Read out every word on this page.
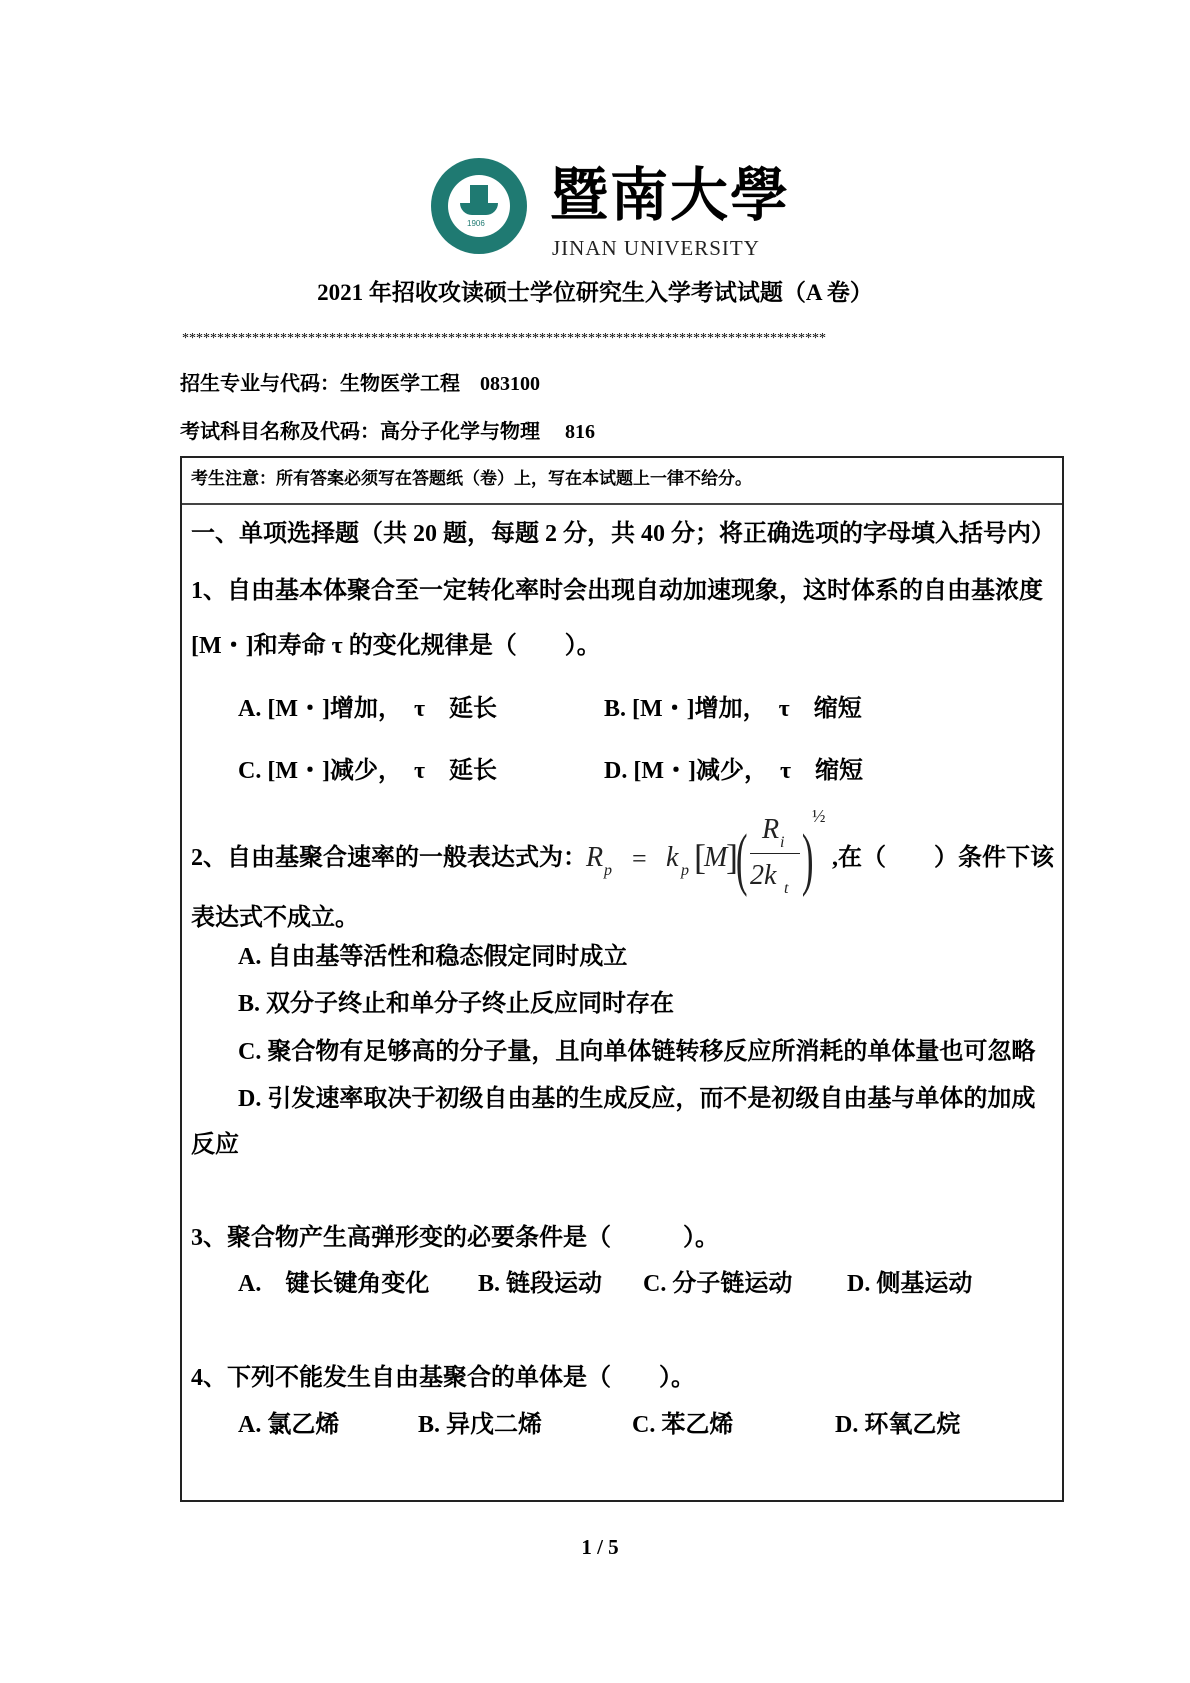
1906 暨南大學
JINAN UNIVERSITY
2021 年招收攻读硕士学位研究生入学考试试题（A 卷）
********************************************************************************************
招生专业与代码：生物医学工程　083100
考试科目名称及代码：高分子化学与物理　 816
考生注意：所有答案必须写在答题纸（卷）上，写在本试题上一律不给分。
一、单项选择题（共 20 题，每题 2 分，共 40 分；将正确选项的字母填入括号内）
1、自由基本体聚合至一定转化率时会出现自动加速现象，这时体系的自由基浓度
[M・]和寿命 τ 的变化规律是（　　）。
A. [M・]增加，　τ　延长	B. [M・]增加，　τ　缩短
C. [M・]减少，　τ　延长	D. [M・]减少，　τ　缩短
2、自由基聚合速率的一般表达式为： R p = k p [
M
]
( R i
2k t )
½
,在（　　）条件下该
表达式不成立。
A. 自由基等活性和稳态假定同时成立
B. 双分子终止和单分子终止反应同时存在
C. 聚合物有足够高的分子量，且向单体链转移反应所消耗的单体量也可忽略
D. 引发速率取决于初级自由基的生成反应，而不是初级自由基与单体的加成
反应
3、聚合物产生高弹形变的必要条件是（　　　）。
A.　键长键角变化 B. 链段运动 C. 分子链运动 D. 侧基运动
4、下列不能发生自由基聚合的单体是（　　）。
A. 氯乙烯	B. 异戊二烯	C. 苯乙烯	D. 环氧乙烷
1 / 5
